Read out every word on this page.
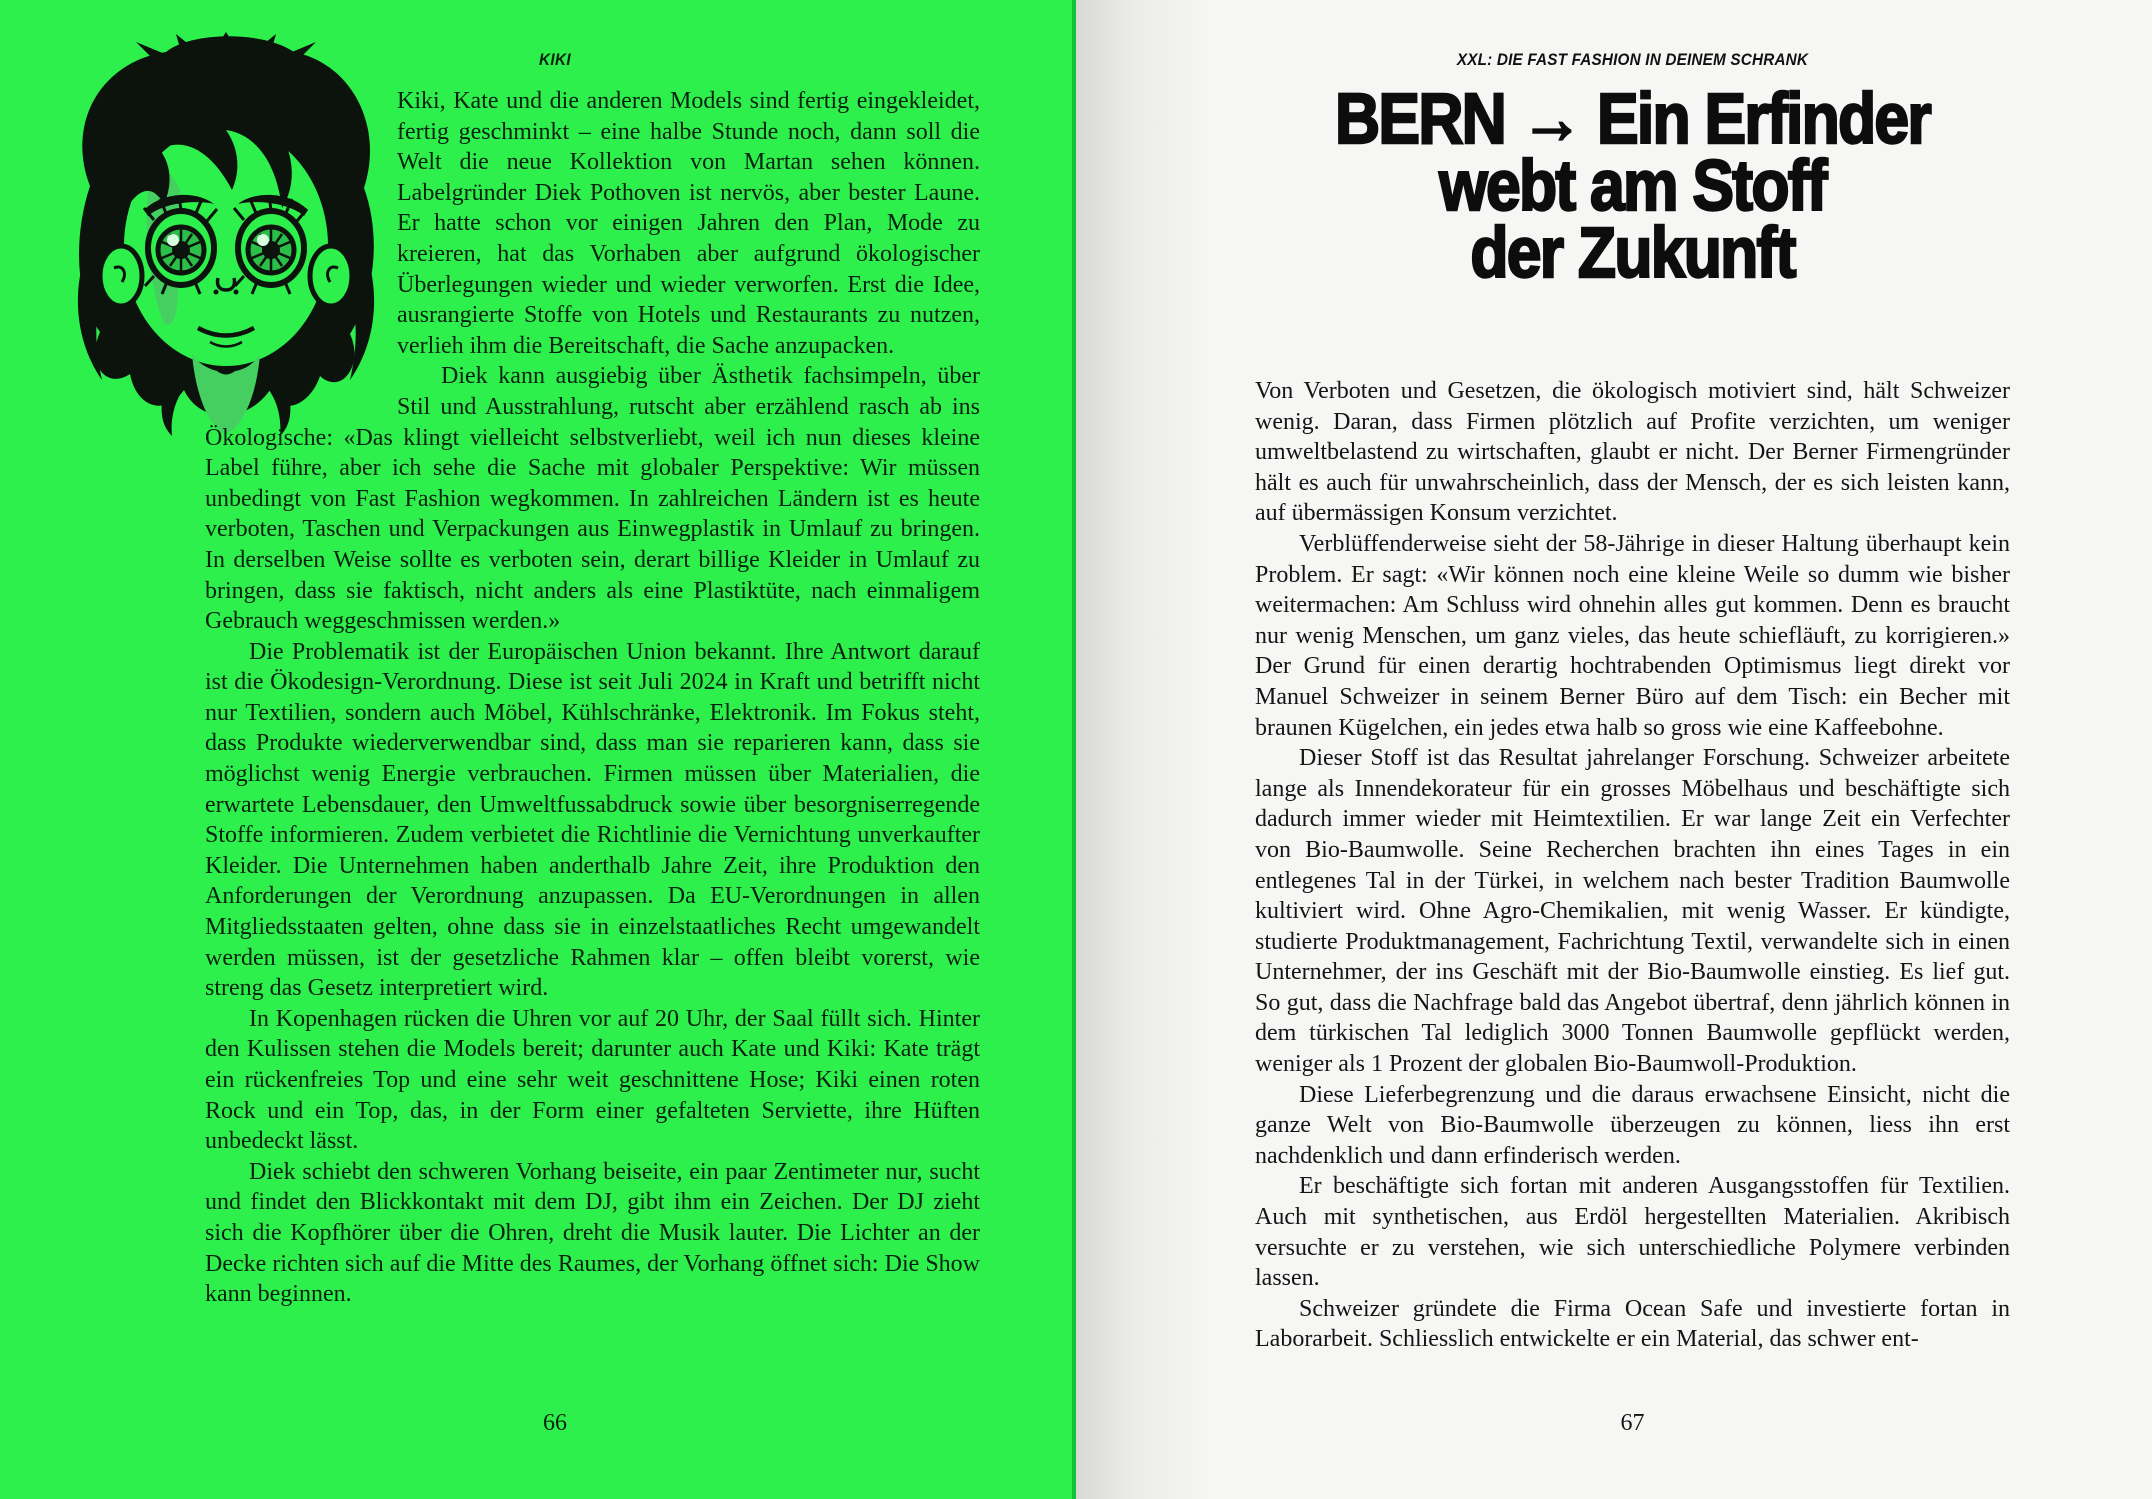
KIKI

Kiki, Kate und die anderen Models sind fertig eingekleidet, fertig geschminkt – eine halbe Stunde noch, dann soll die Welt die neue Kollektion von Martan sehen können. Labelgründer Diek Pothoven ist nervös, aber bester Laune. Er hatte schon vor einigen Jahren den Plan, Mode zu kreieren, hat das Vorhaben aber aufgrund ökologischer Überlegungen wieder und wieder verworfen. Erst die Idee, ausrangierte Stoffe von Hotels und Restaurants zu nutzen, verlieh ihm die Bereitschaft, die Sache anzupacken.

Diek kann ausgiebig über Ästhetik fachsimpeln, über Stil und Ausstrahlung, rutscht aber erzählend rasch ab ins Ökologische: «Das klingt vielleicht selbstverliebt, weil ich nun dieses kleine Label führe, aber ich sehe die Sache mit globaler Perspektive: Wir müssen unbedingt von Fast Fashion wegkommen. In zahlreichen Ländern ist es heute verboten, Taschen und Verpackungen aus Einwegplastik in Umlauf zu bringen. In derselben Weise sollte es verboten sein, derart billige Kleider in Umlauf zu bringen, dass sie faktisch, nicht anders als eine Plastiktüte, nach einmaligem Gebrauch weggeschmissen werden.»

Die Problematik ist der Europäischen Union bekannt. Ihre Antwort darauf ist die Ökodesign-Verordnung. Diese ist seit Juli 2024 in Kraft und betrifft nicht nur Textilien, sondern auch Möbel, Kühlschränke, Elektronik. Im Fokus steht, dass Produkte wiederverwendbar sind, dass man sie reparieren kann, dass sie möglichst wenig Energie verbrauchen. Firmen müssen über Materialien, die erwartete Lebensdauer, den Umweltfussabdruck sowie über besorgniserregende Stoffe informieren. Zudem verbietet die Richtlinie die Vernichtung unverkaufter Kleider. Die Unternehmen haben anderthalb Jahre Zeit, ihre Produktion den Anforderungen der Verordnung anzupassen. Da EU-Verordnungen in allen Mitgliedsstaaten gelten, ohne dass sie in einzelstaatliches Recht umgewandelt werden müssen, ist der gesetzliche Rahmen klar – offen bleibt vorerst, wie streng das Gesetz interpretiert wird.

In Kopenhagen rücken die Uhren vor auf 20 Uhr, der Saal füllt sich. Hinter den Kulissen stehen die Models bereit; darunter auch Kate und Kiki: Kate trägt ein rückenfreies Top und eine sehr weit geschnittene Hose; Kiki einen roten Rock und ein Top, das, in der Form einer gefalteten Serviette, ihre Hüften unbedeckt lässt.

Diek schiebt den schweren Vorhang beiseite, ein paar Zentimeter nur, sucht und findet den Blickkontakt mit dem DJ, gibt ihm ein Zeichen. Der DJ zieht sich die Kopfhörer über die Ohren, dreht die Musik lauter. Die Lichter an der Decke richten sich auf die Mitte des Raumes, der Vorhang öffnet sich: Die Show kann beginnen.

66
XXL: DIE FAST FASHION IN DEINEM SCHRANK
BERN → Ein Erfinder
webt am Stoff
der Zukunft

Von Verboten und Gesetzen, die ökologisch motiviert sind, hält Schweizer wenig. Daran, dass Firmen plötzlich auf Profite verzichten, um weniger umweltbelastend zu wirtschaften, glaubt er nicht. Der Berner Firmengründer hält es auch für unwahrscheinlich, dass der Mensch, der es sich leisten kann, auf übermässigen Konsum verzichtet.

Verblüffenderweise sieht der 58-Jährige in dieser Haltung überhaupt kein Problem. Er sagt: «Wir können noch eine kleine Weile so dumm wie bisher weitermachen: Am Schluss wird ohnehin alles gut kommen. Denn es braucht nur wenig Menschen, um ganz vieles, das heute schiefläuft, zu korrigieren.» Der Grund für einen derartig hochtrabenden Optimismus liegt direkt vor Manuel Schweizer in seinem Berner Büro auf dem Tisch: ein Becher mit braunen Kügelchen, ein jedes etwa halb so gross wie eine Kaffeebohne.

Dieser Stoff ist das Resultat jahrelanger Forschung. Schweizer arbeitete lange als Innendekorateur für ein grosses Möbelhaus und beschäftigte sich dadurch immer wieder mit Heimtextilien. Er war lange Zeit ein Verfechter von Bio-Baumwolle. Seine Recherchen brachten ihn eines Tages in ein entlegenes Tal in der Türkei, in welchem nach bester Tradition Baumwolle kultiviert wird. Ohne Agro-Chemikalien, mit wenig Wasser. Er kündigte, studierte Produktmanagement, Fachrichtung Textil, verwandelte sich in einen Unternehmer, der ins Geschäft mit der Bio-Baumwolle einstieg. Es lief gut. So gut, dass die Nachfrage bald das Angebot übertraf, denn jährlich können in dem türkischen Tal lediglich 3000 Tonnen Baumwolle gepflückt werden, weniger als 1 Prozent der globalen Bio-Baumwoll-Produktion.

Diese Lieferbegrenzung und die daraus erwachsene Einsicht, nicht die ganze Welt von Bio-Baumwolle überzeugen zu können, liess ihn erst nachdenklich und dann erfinderisch werden.

Er beschäftigte sich fortan mit anderen Ausgangsstoffen für Textilien. Auch mit synthetischen, aus Erdöl hergestellten Materialien. Akribisch versuchte er zu verstehen, wie sich unterschiedliche Polymere verbinden lassen.

Schweizer gründete die Firma Ocean Safe und investierte fortan in Laborarbeit. Schliesslich entwickelte er ein Material, das schwer ent-

67
